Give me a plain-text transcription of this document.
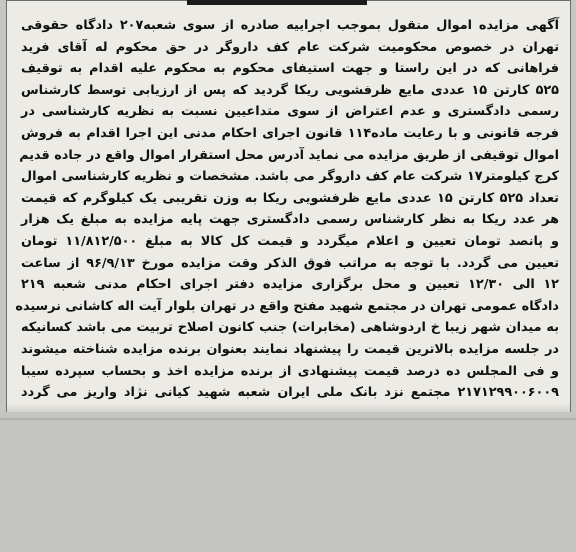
آگهی مزایده اموال منقول بموجب اجراییه صادره از سوی شعبه۲۰۷ دادگاه حقوقی
تهران در خصوص محکومیت شرکت عام کف داروگر در حق محکوم له آقای فرید
فراهانی که در این راستا و جهت استیفای محکوم به محکوم علیه اقدام به توقیف
۵۲۵ کارتن ۱۵ عددی مایع ظرفشویی ریکا گردید که پس از ارزیابی توسط کارشناس
رسمی دادگستری و عدم اعتراض از سوی متداعیین نسبت به نظریه کارشناسی در
فرجه قانونی و با رعایت ماده۱۱۴ قانون اجرای احکام مدنی این اجرا اقدام به فروش
اموال توقیفی از طریق مزایده می نماید آدرس محل استقرار اموال واقع در جاده قدیم
کرج کیلومتر۱۷ شرکت عام کف داروگر می باشد. مشخصات و نظریه کارشناسی اموال
تعداد ۵۲۵ کارتن ۱۵ عددی مایع ظرفشویی ریکا به وزن تقریبی یک کیلوگرم که قیمت
هر عدد ریکا به نظر کارشناس رسمی دادگستری جهت پایه مزایده به مبلغ یک هزار
و پانصد تومان تعیین و اعلام میگردد و قیمت کل کالا به مبلغ ۱۱/۸۱۲/۵۰۰ تومان
تعیین می گردد. با توجه به مراتب فوق الذکر وقت مزایده مورخ ۹۶/۹/۱۳ از ساعت
۱۲ الی ۱۲/۳۰ تعیین و محل برگزاری مزایده دفتر اجرای احکام مدنی شعبه ۲۱۹
دادگاه عمومی تهران در مجتمع شهید مفتح واقع در تهران بلوار آیت اله کاشانی نرسیده
به میدان شهر زیبا خ اردوشاهی (مخابرات) جنب کانون اصلاح تربیت می باشد کسانیکه
در جلسه مزایده بالاترین قیمت را پیشنهاد نمایند بعنوان برنده مزایده شناخته میشوند
و فی المجلس ده درصد قیمت پیشنهادی از برنده مزایده اخذ و بحساب سپرده سیبا
۲۱۷۱۲۹۹۰۰۶۰۰۹ مجتمع نزد بانک ملی ایران شعبه شهید کیانی نژاد واریز می گردد
